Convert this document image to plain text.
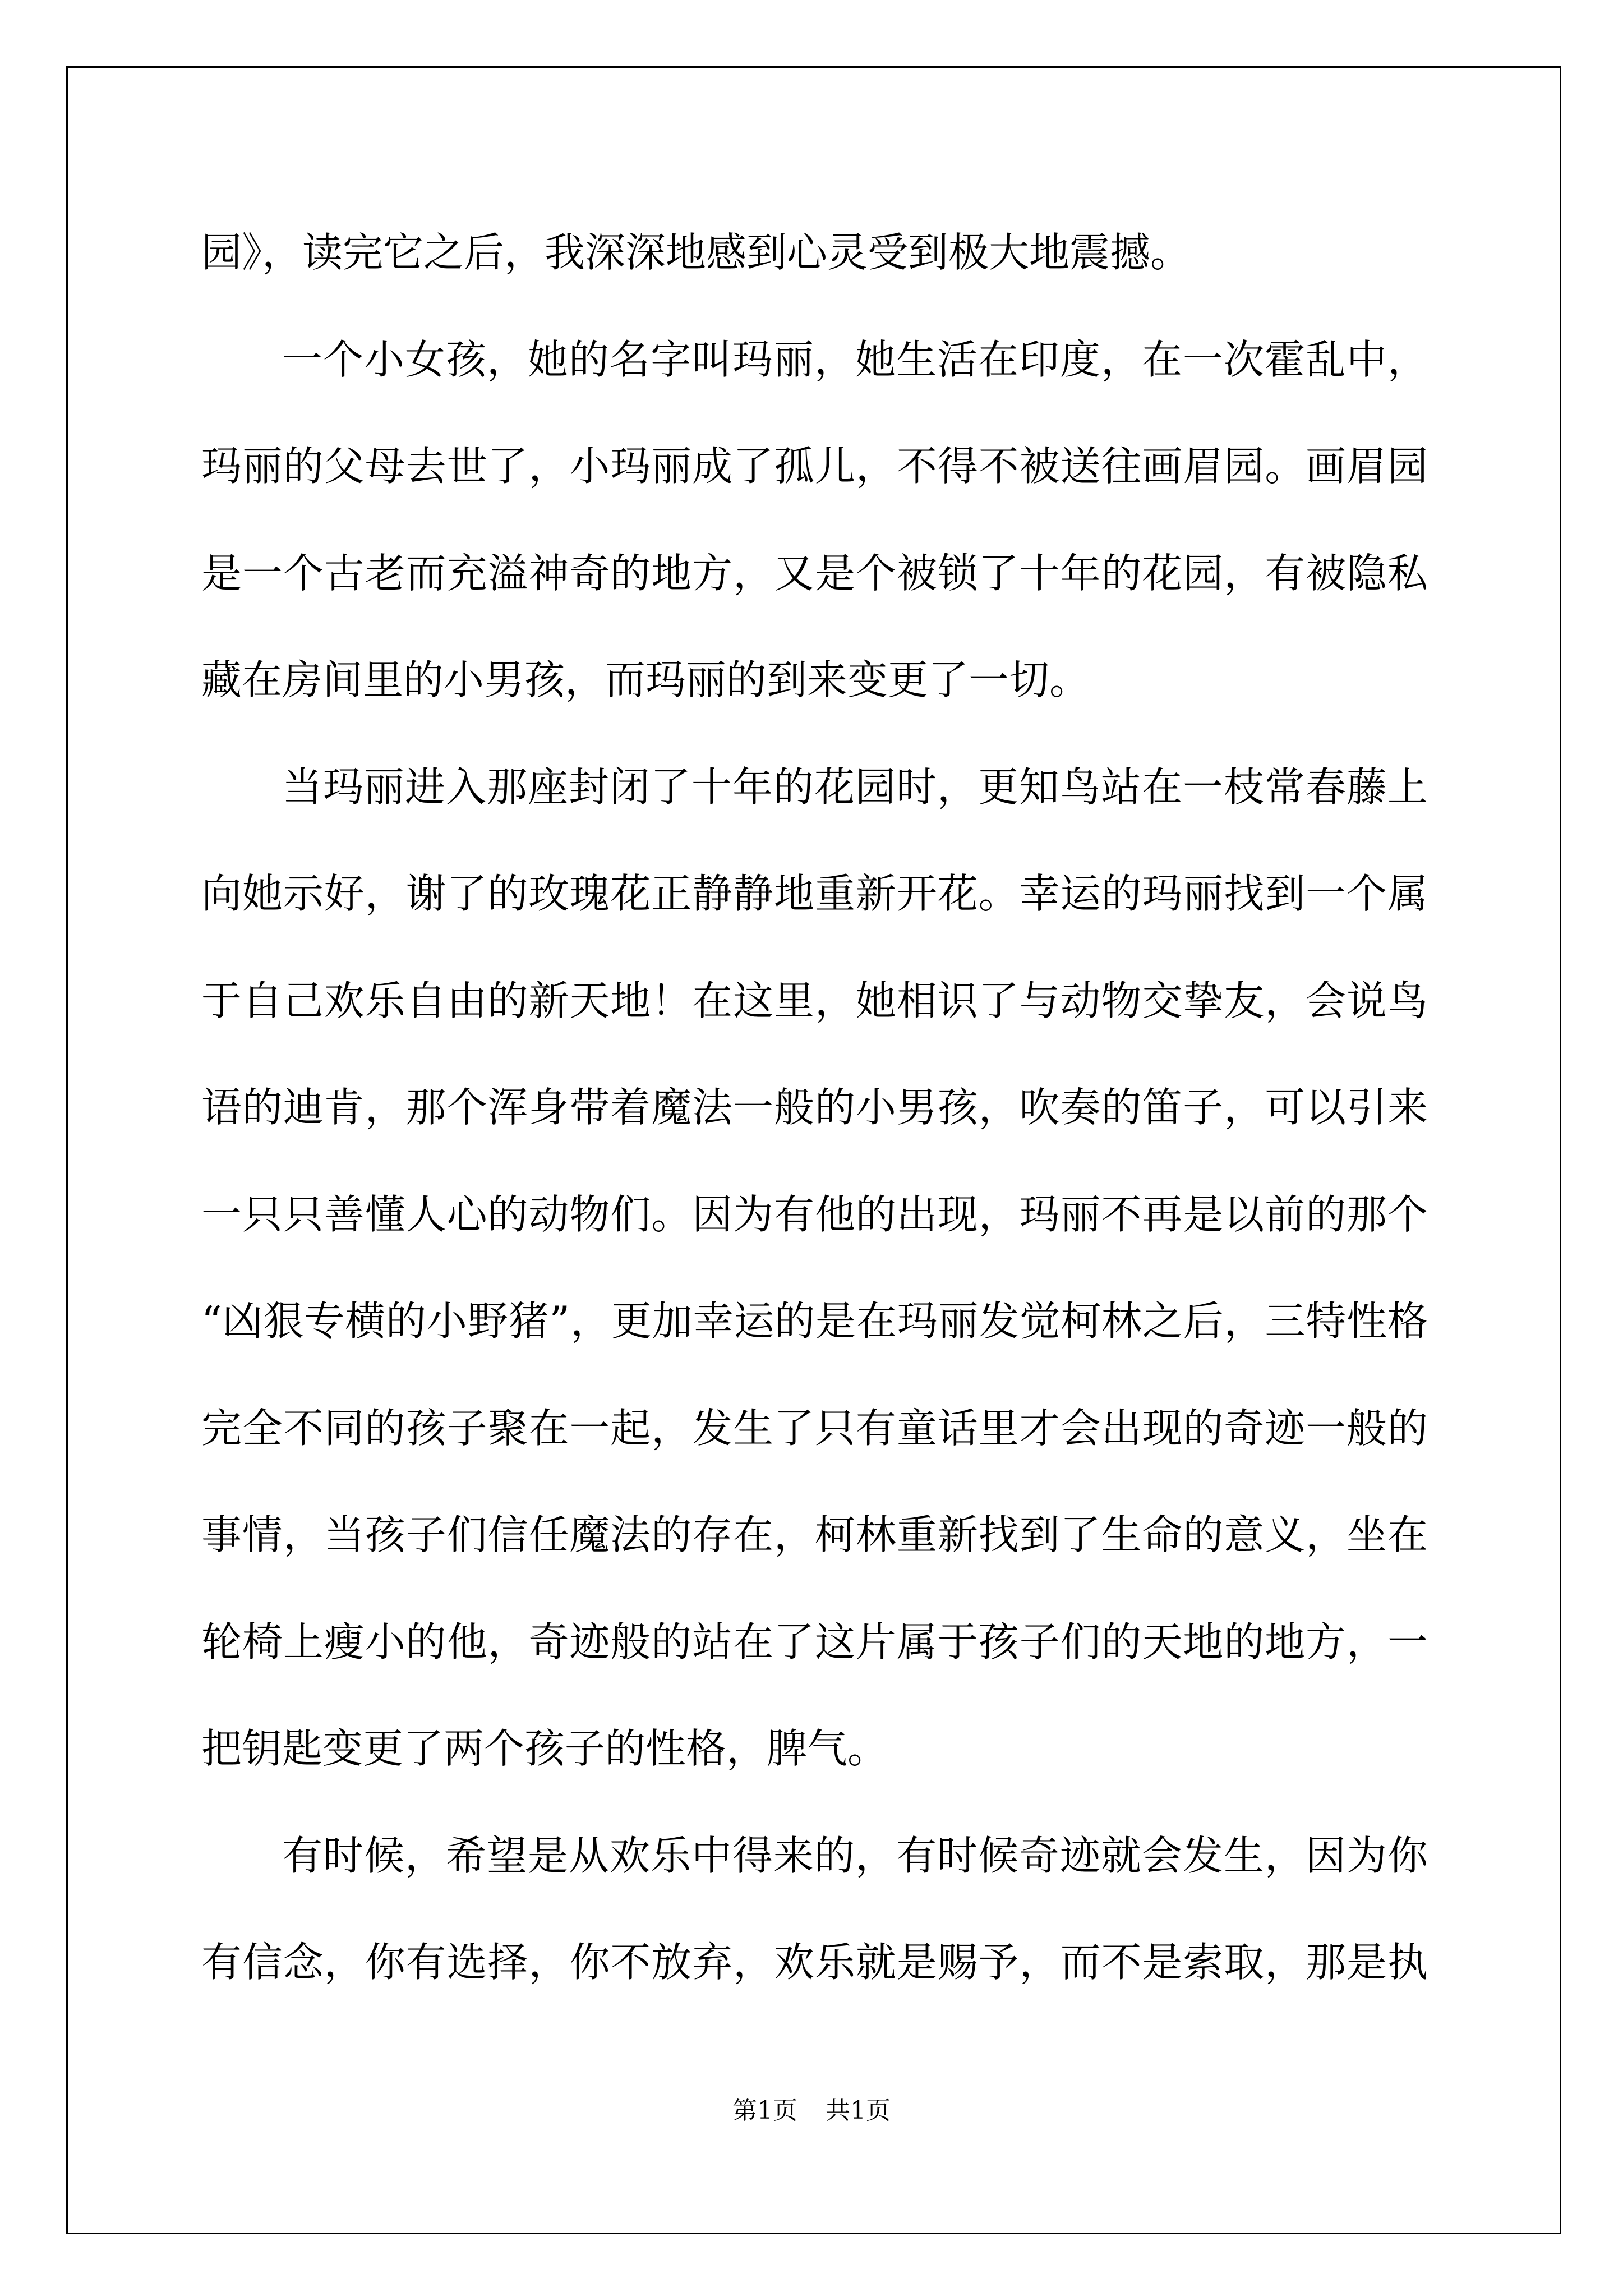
园》，读完它之后，我深深地感到心灵受到极大地震撼。
一个小女孩，她的名字叫玛丽，她生活在印度，在一次霍乱中，
玛丽的父母去世了，小玛丽成了孤儿，不得不被送往画眉园。画眉园
是一个古老而充溢神奇的地方，又是个被锁了十年的花园，有被隐私
藏在房间里的小男孩，而玛丽的到来变更了一切。
当玛丽进入那座封闭了十年的花园时，更知鸟站在一枝常春藤上
向她示好，谢了的玫瑰花正静静地重新开花。幸运的玛丽找到一个属
于自己欢乐自由的新天地！在这里，她相识了与动物交挚友，会说鸟
语的迪肯，那个浑身带着魔法一般的小男孩，吹奏的笛子，可以引来
一只只善懂人心的动物们。因为有他的出现，玛丽不再是以前的那个
“凶狠专横的小野猪”，更加幸运的是在玛丽发觉柯林之后，三特性格
完全不同的孩子聚在一起，发生了只有童话里才会出现的奇迹一般的
事情，当孩子们信任魔法的存在，柯林重新找到了生命的意义，坐在
轮椅上瘦小的他，奇迹般的站在了这片属于孩子们的天地的地方，一
把钥匙变更了两个孩子的性格，脾气。
有时候，希望是从欢乐中得来的，有时候奇迹就会发生，因为你
有信念，你有选择，你不放弃，欢乐就是赐予，而不是索取，那是执
第1页 共1页
